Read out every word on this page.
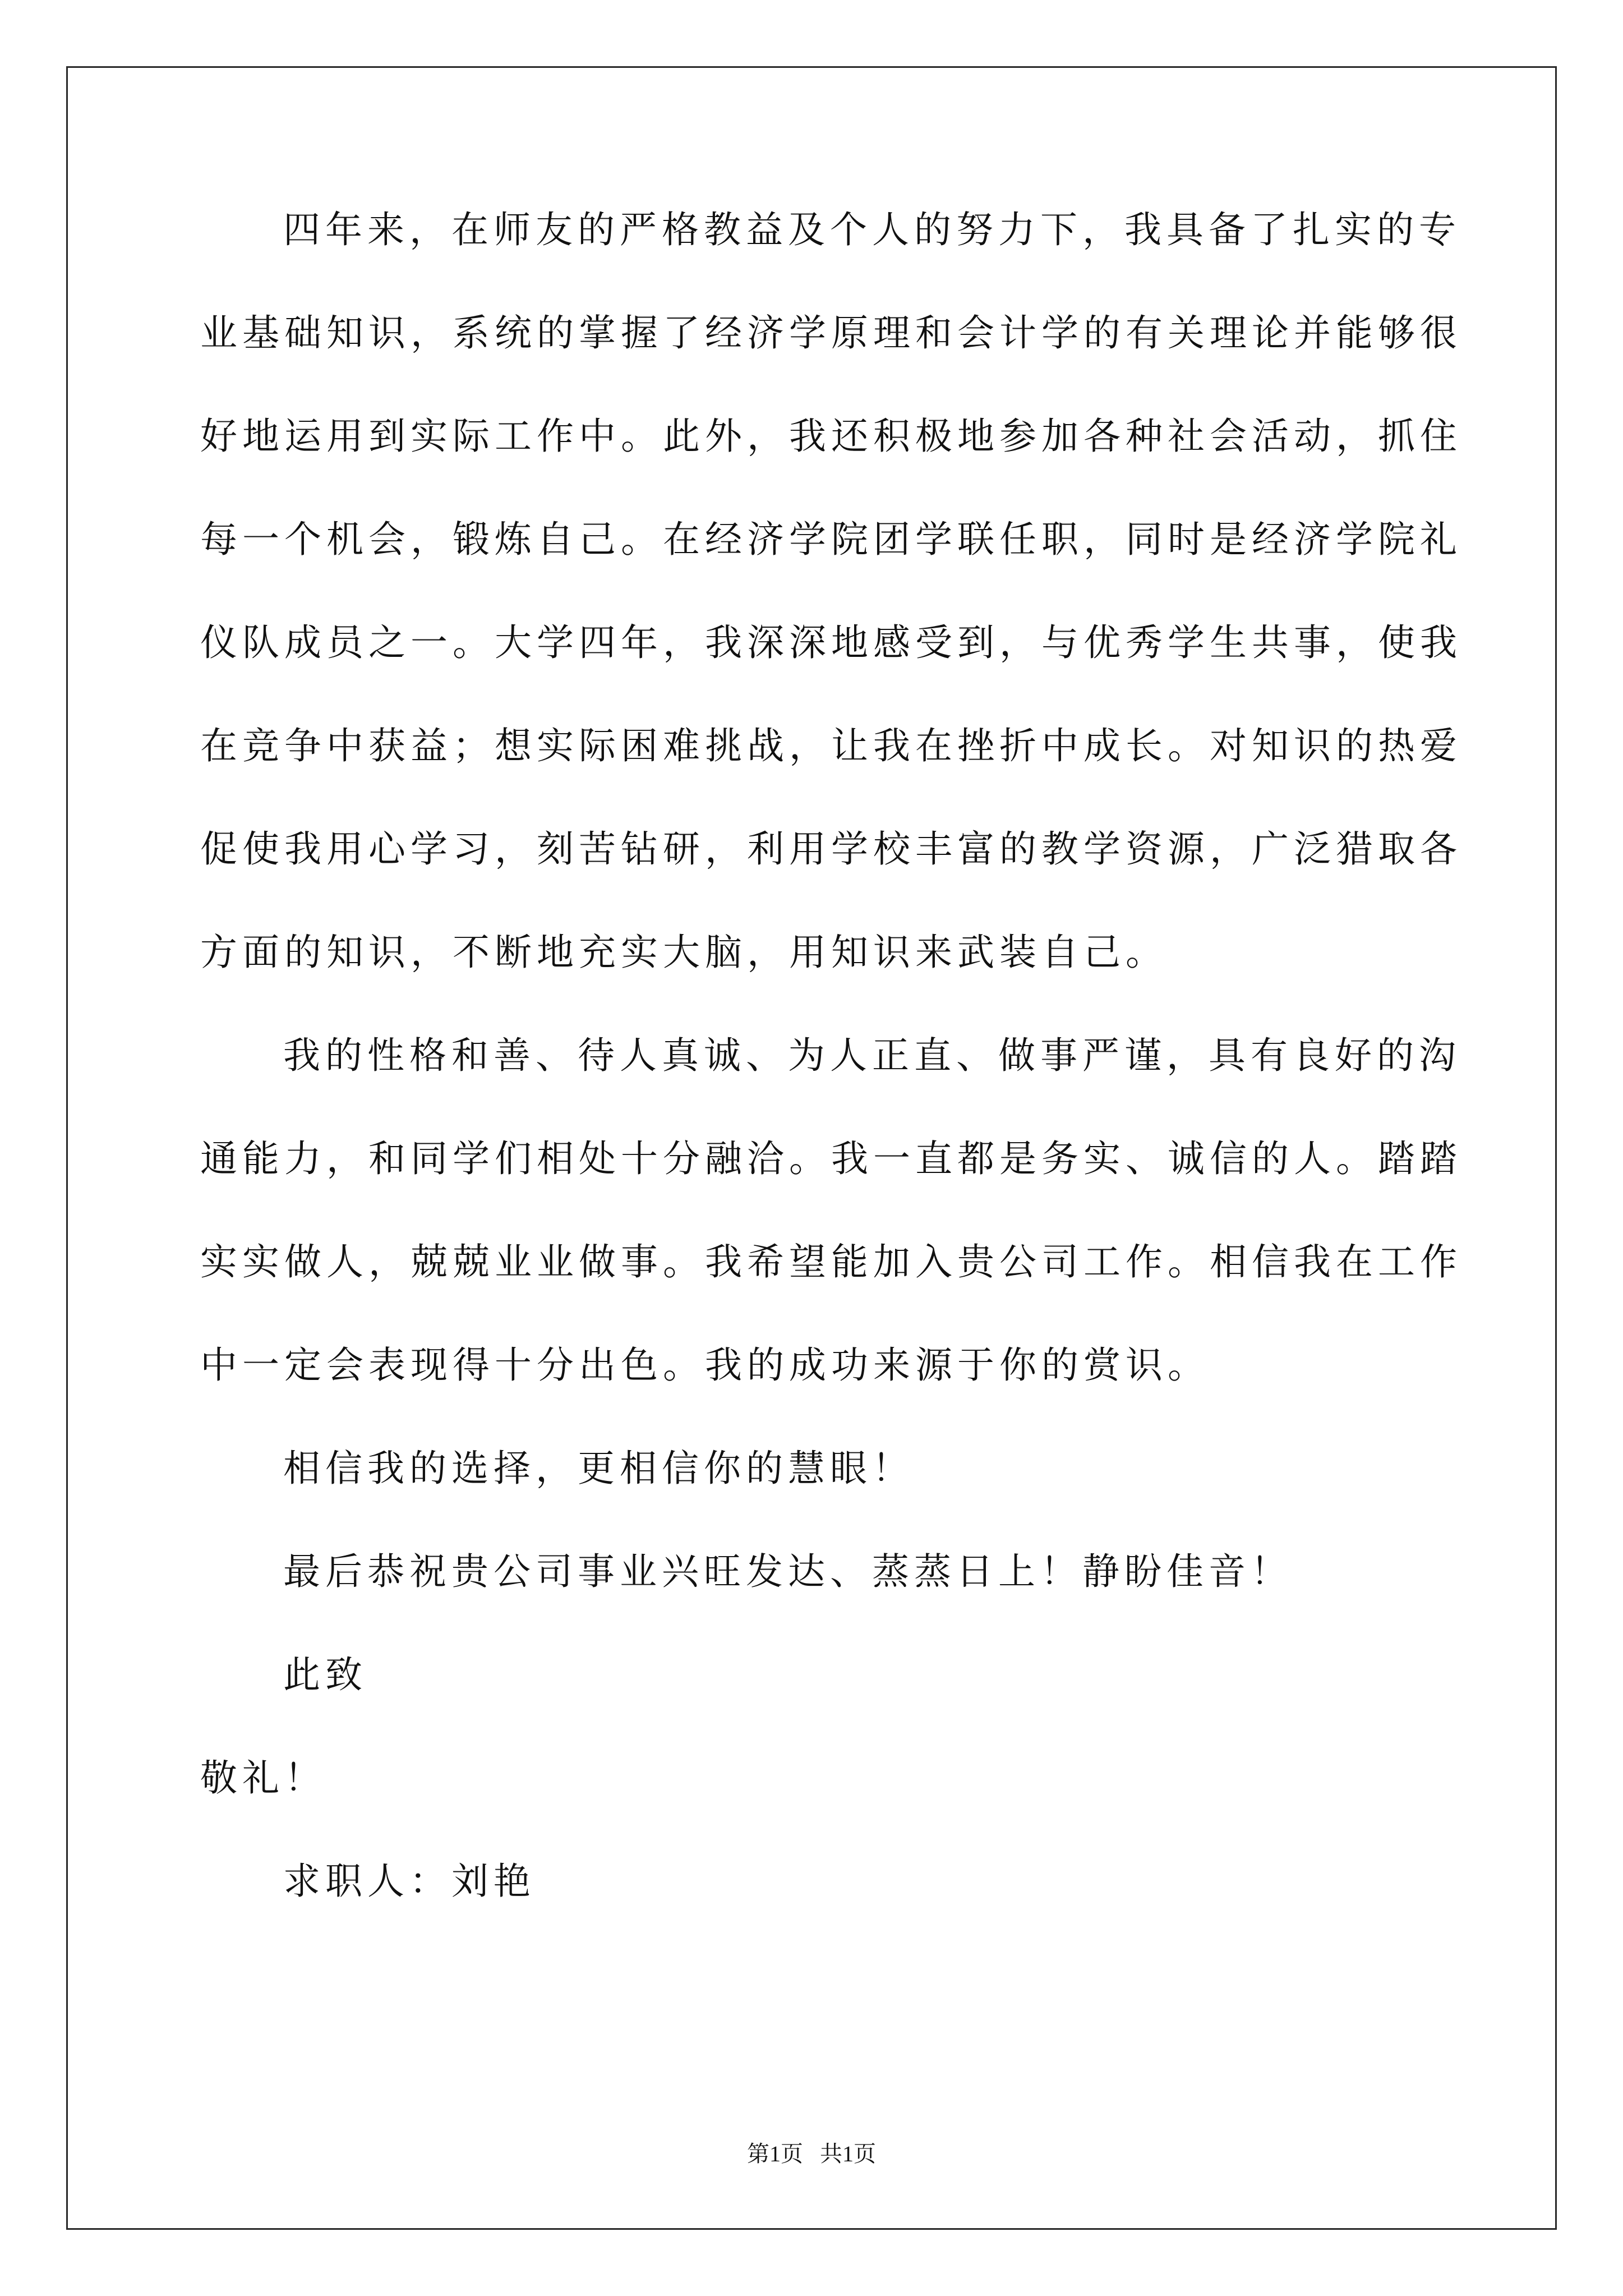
四年来，在师友的严格教益及个人的努力下，我具备了扎实的专
业基础知识，系统的掌握了经济学原理和会计学的有关理论并能够很
好地运用到实际工作中。此外，我还积极地参加各种社会活动，抓住
每一个机会，锻炼自己。在经济学院团学联任职，同时是经济学院礼
仪队成员之一。大学四年，我深深地感受到，与优秀学生共事，使我
在竞争中获益；想实际困难挑战，让我在挫折中成长。对知识的热爱
促使我用心学习，刻苦钻研，利用学校丰富的教学资源，广泛猎取各
方面的知识，不断地充实大脑，用知识来武装自己。
我的性格和善、待人真诚、为人正直、做事严谨，具有良好的沟
通能力，和同学们相处十分融洽。我一直都是务实、诚信的人。踏踏
实实做人，兢兢业业做事。我希望能加入贵公司工作。相信我在工作
中一定会表现得十分出色。我的成功来源于你的赏识。
相信我的选择，更相信你的慧眼！
最后恭祝贵公司事业兴旺发达、蒸蒸日上！静盼佳音！
此致
敬礼！
求职人：刘艳
第1页   共1页
